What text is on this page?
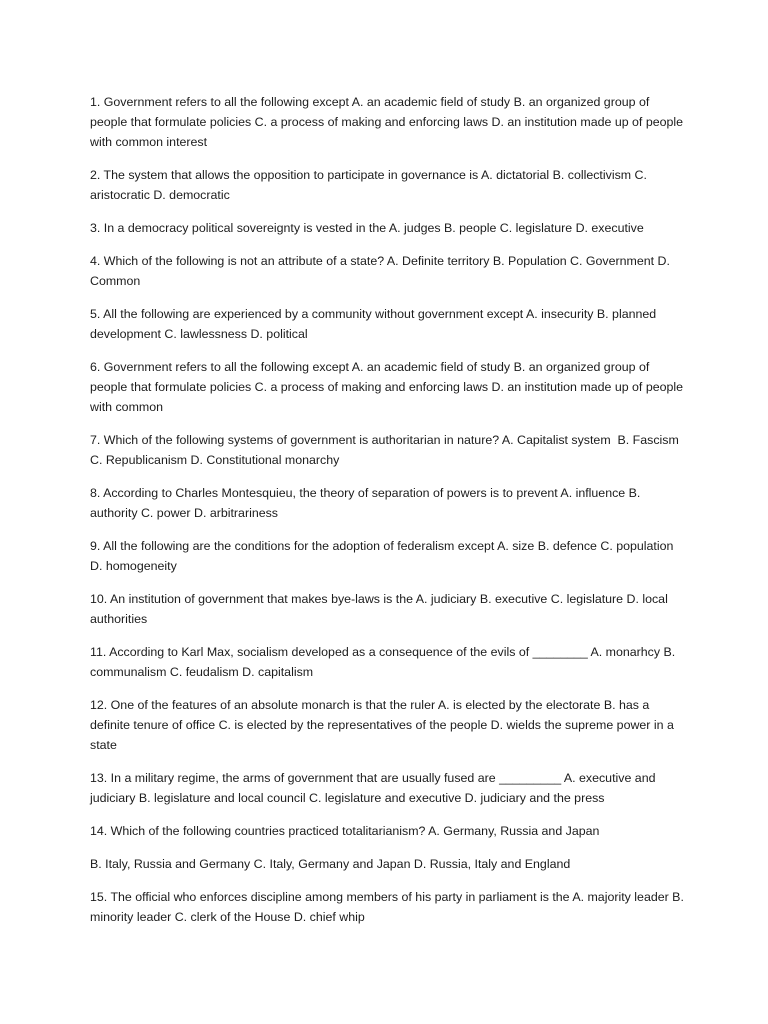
1. Government refers to all the following except A. an academic field of study B. an organized group of people that formulate policies C. a process of making and enforcing laws D. an institution made up of people with common interest

2. The system that allows the opposition to participate in governance is A. dictatorial B. collectivism C. aristocratic D. democratic

3. In a democracy political sovereignty is vested in the A. judges B. people C. legislature D. executive

4. Which of the following is not an attribute of a state? A. Definite territory B. Population C. Government D. Common

5. All the following are experienced by a community without government except A. insecurity B. planned development C. lawlessness D. political

6. Government refers to all the following except A. an academic field of study B. an organized group of people that formulate policies C. a process of making and enforcing laws D. an institution made up of people with common

7. Which of the following systems of government is authoritarian in nature? A. Capitalist system  B. Fascism C. Republicanism D. Constitutional monarchy

8. According to Charles Montesquieu, the theory of separation of powers is to prevent A. influence B. authority C. power D. arbitrariness

9. All the following are the conditions for the adoption of federalism except A. size B. defence C. population D. homogeneity

10. An institution of government that makes bye-laws is the A. judiciary B. executive C. legislature D. local authorities

11. According to Karl Max, socialism developed as a consequence of the evils of ________ A. monarhcy B. communalism C. feudalism D. capitalism

12. One of the features of an absolute monarch is that the ruler A. is elected by the electorate B. has a definite tenure of office C. is elected by the representatives of the people D. wields the supreme power in a state

13. In a military regime, the arms of government that are usually fused are _________ A. executive and judiciary B. legislature and local council C. legislature and executive D. judiciary and the press

14. Which of the following countries practiced totalitarianism? A. Germany, Russia and Japan

B. Italy, Russia and Germany C. Italy, Germany and Japan D. Russia, Italy and England

15. The official who enforces discipline among members of his party in parliament is the A. majority leader B. minority leader C. clerk of the House D. chief whip
